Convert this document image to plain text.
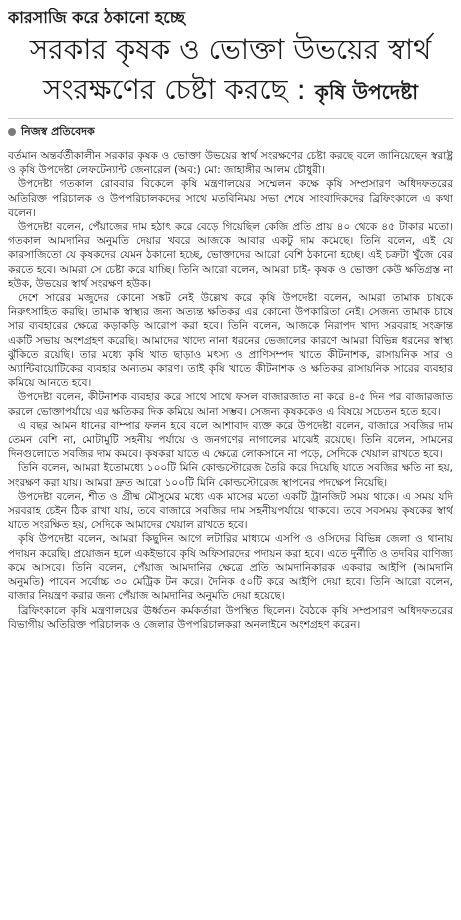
কারসাজি করে ঠকানো হচ্ছে
সরকার কৃষক ও ভোক্তা উভয়ের স্বার্থ
সংরক্ষণের চেষ্টা করছে : কৃষি উপদেষ্টা
নিজস্ব প্রতিবেদক

বর্তমান অন্তর্বর্তীকালীন সরকার কৃষক ও ভোক্তা উভয়ের স্বার্থ সংরক্ষণের চেষ্টা করছে বলে জানিয়েছেন স্বরাষ্ট্র ও কৃষি উপদেষ্টা লেফটেন্যান্ট জেনারেল (অব:) মো: জাহাঙ্গীর আলম চৌধুরী।

উপদেষ্টা গতকাল রোববার বিকেলে কৃষি মন্ত্রণালয়ের সম্মেলন কক্ষে কৃষি সম্প্রসারণ অধিদফতরের অতিরিক্ত পরিচালক ও উপপরিচালকদের সাথে মতবিনিময় সভা শেষে সাংবাদিকদের ব্রিফিংকালে এ কথা বলেন।

উপদেষ্টা বলেন, পেঁয়াজের দাম হঠাৎ করে বেড়ে গিয়েছিল কেজি প্রতি প্রায় ৪০ থেকে ৪৫ টাকার মতো। গতকাল আমদানির অনুমতি দেয়ার খবরে আজকে আবার একটু দাম কমেছে। তিনি বলেন, এই যে কারসাজিতো যে কৃষকদের যেমন ঠকানো হচ্ছে, ভোক্তাদের আরো বেশি ঠকানো হচ্ছে। এই চক্রটা খুঁজে বের করতে হবে। আমরা সে চেষ্টা করে যাচ্ছি। তিনি আরো বলেন, আমরা চাই- কৃষক ও ভোক্তা কেউ ক্ষতিগ্রস্ত না হউক, উভয়ের স্বার্থ সংরক্ষণ হউক।

দেশে সারের মজুদের কোনো সঙ্কট নেই উল্লেখ করে কৃষি উপদেষ্টা বলেন, আমরা তামাক চাষকে নিরুৎসাহিত করছি। তামাক স্বাস্থ্যর জন্য অত্যন্ত ক্ষতিকর এর কোনো উপকারিতা নেই। সেজন্য তামাক চাষে সার ব্যবহারের ক্ষেত্রে কড়াকড়ি আরোপ করা হবে। তিনি বলেন, আজকে নিরাপদ খাদ্য সরবরাহ সংক্রান্ত একটি সভায় অংশগ্রহণ করেছি। আমাদের খাদ্যে নানা ধরনের ভেজালের কারণে আমরা বিভিন্ন ধরনের স্বাস্থ্য ঝুঁকিতে রয়েছি। তার মধ্যে কৃষি খাত ছাড়াও মৎস্য ও প্রাণিসম্পদ খাতে কীটনাশক, রাসায়নিক সার ও অ্যান্টিবায়োটিকের ব্যবহার অন্যতম কারণ। তাই কৃষি খাতে কীটনাশক ও ক্ষতিকর রাসায়নিক সারের ব্যবহার কমিয়ে আনতে হবে।

উপদেষ্টা বলেন, কীটনাশক ব্যবহার করে সাথে সাথে ফসল বাজারজাত না করে ৪-৫ দিন পর বাজারজাত করলে ভোক্তাপর্যায়ে এর ক্ষতিকর দিক কমিয়ে আনা সম্ভব। সেজন্য কৃষককেও এ বিষয়ে সচেতন হতে হবে।

এ বছর আমন ধানের বাম্পার ফলন হবে বলে আশাবাদ ব্যক্ত করে উপদেষ্টা বলেন, বাজারে সবজির দাম তেমন বেশি না, মোটামুটি সহনীয় পর্যায়ে ও জনগণের নাগালের মাঝেই রয়েছে। তিনি বলেন, সামনের দিনগুলোতে সবজির দাম কমবে। কৃষকরা যাতে এ ক্ষেত্রে লোকসানে না পড়ে, সেদিকে খেয়াল রাখতে হবে।

তিনি বলেন, আমরা ইতোমধ্যে ১০০টি মিনি কোল্ডস্টোরেজ তৈরি করে দিয়েছি যাতে সবজির ক্ষতি না হয়, সংরক্ষণ করা যায়। আমরা দ্রুত আরো ১০০টি মিনি কোল্ডস্টোরেজ স্থাপনের পদক্ষেপ নিয়েছি।

উপদেষ্টা বলেন, শীত ও গ্রীষ্ম মৌসুমের মধ্যে এক মাসের মতো একটি ট্রানজিট সময় থাকে। এ সময় যদি সরবরাহ চেইন ঠিক রাখা যায়, তবে বাজারে সবজির দাম সহনীয়পর্যায়ে থাকবে। তবে সবসময় কৃষকের স্বার্থ যাতে সংরক্ষিত হয়, সেদিকে আমাদের খেয়াল রাখতে হবে।

কৃষি উপদেষ্টা বলেন, আমরা কিছুদিন আগে লটারির মাধ্যমে এসপি ও ওসিদের বিভিন্ন জেলা ও থানায় পদায়ন করেছি। প্রয়োজন হলে একইভাবে কৃষি অফিসারদের পদায়ন করা হবে। এতে দুর্নীতি ও তদবির বাণিজ্য কমে আসবে। তিনি বলেন, পেঁয়াজ আমদানির ক্ষেত্রে প্রতি আমদানিকারক একবার আইপি (আমদানি অনুমতি) পাবেন সর্বোচ্চ ৩০ মেট্রিক টন করে। দৈনিক ৫০টি করে আইপি দেয়া হবে। তিনি আরো বলেন, বাজার নিয়ন্ত্রণ করার জন্য পেঁয়াজ আমদানির অনুমতি দেয়া হয়েছে।

ব্রিফিংকালে কৃষি মন্ত্রণালয়ের ঊর্ধ্বতন কর্মকর্তারা উপস্থিত ছিলেন। বৈঠকে কৃষি সম্প্রসারণ অধিদফতরের বিভাগীয় অতিরিক্ত পরিচালক ও জেলার উপপরিচালকরা অনলাইনে অংশগ্রহণ করেন।
